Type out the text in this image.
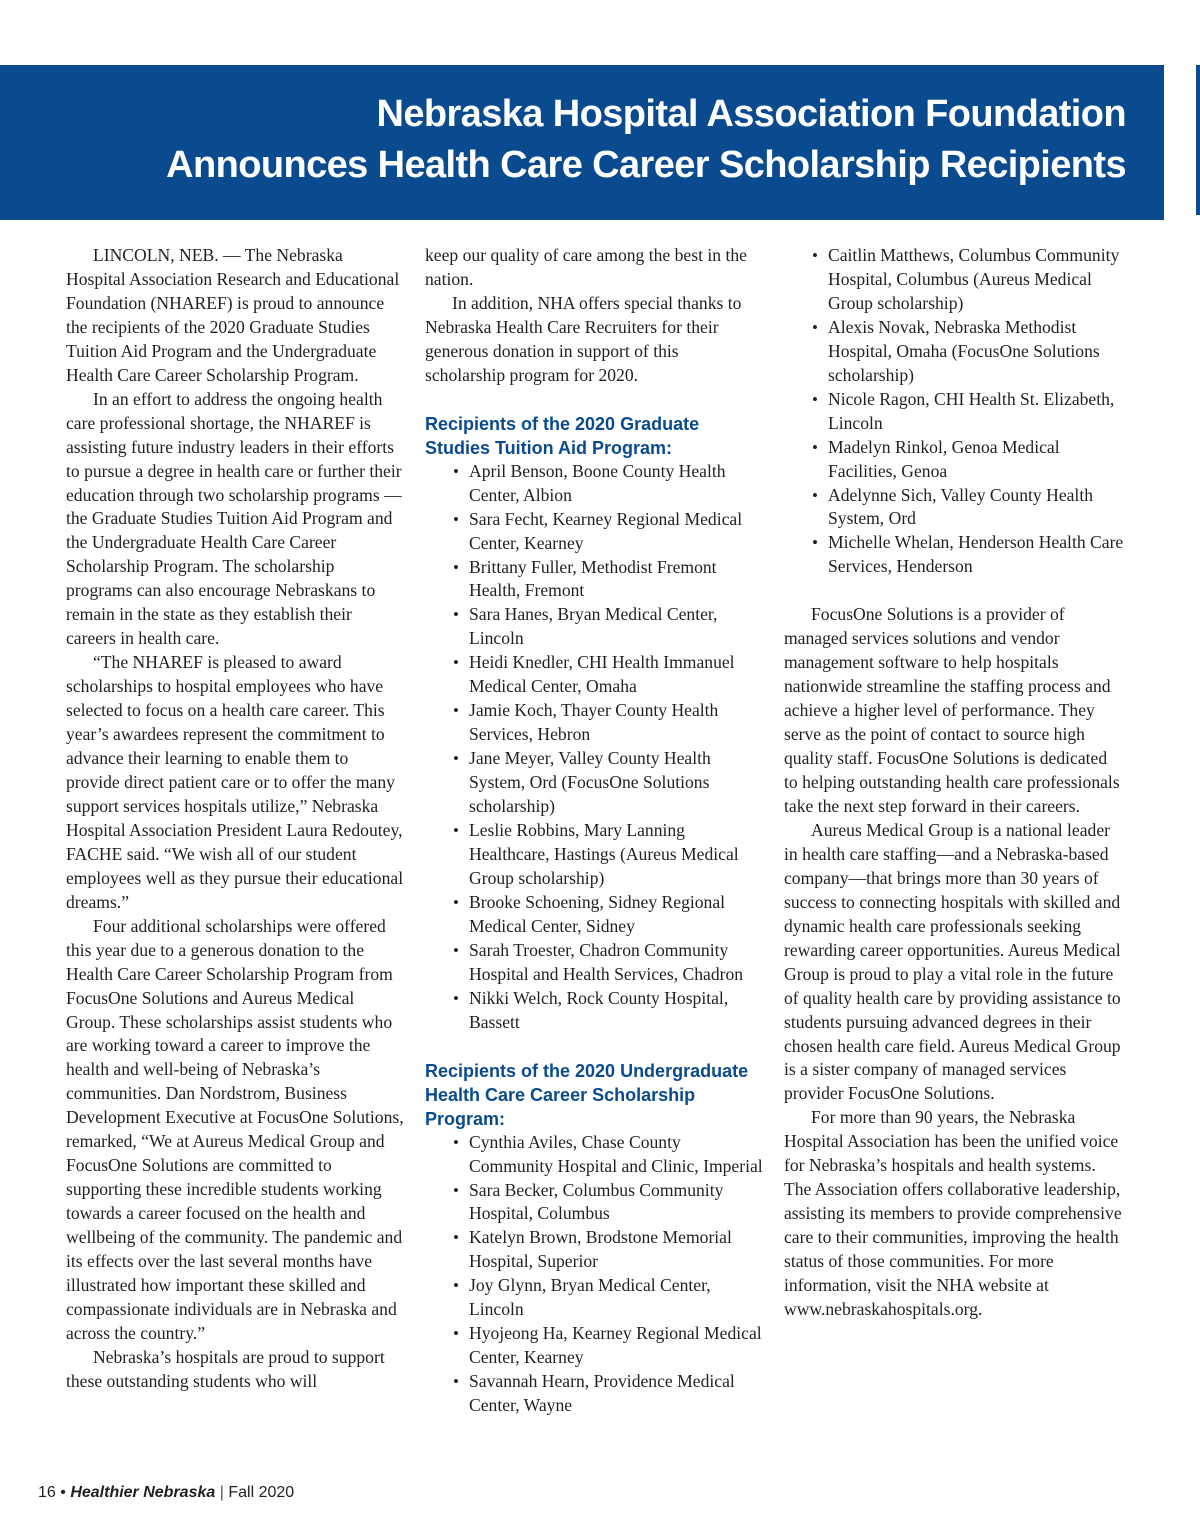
Nebraska Hospital Association Foundation
Announces Health Care Career Scholarship Recipients

LINCOLN, NEB. — The Nebraska Hospital Association Research and Educational Foundation (NHAREF) is proud to announce the recipients of the 2020 Graduate Studies Tuition Aid Program and the Undergraduate Health Care Career Scholarship Program.

In an effort to address the ongoing health care professional shortage, the NHAREF is assisting future industry leaders in their efforts to pursue a degree in health care or further their education through two scholarship programs — the Graduate Studies Tuition Aid Program and the Undergraduate Health Care Career Scholarship Program. The scholarship programs can also encourage Nebraskans to remain in the state as they establish their careers in health care.

“The NHAREF is pleased to award scholarships to hospital employees who have selected to focus on a health care career. This year’s awardees represent the commitment to advance their learning to enable them to provide direct patient care or to offer the many support services hospitals utilize,” Nebraska Hospital Association President Laura Redoutey, FACHE said. “We wish all of our student employees well as they pursue their educational dreams.”

Four additional scholarships were offered this year due to a generous donation to the Health Care Career Scholarship Program from FocusOne Solutions and Aureus Medical Group. These scholarships assist students who are working toward a career to improve the health and well-being of Nebraska’s communities. Dan Nordstrom, Business Development Executive at FocusOne Solutions, remarked, “We at Aureus Medical Group and FocusOne Solutions are committed to supporting these incredible students working towards a career focused on the health and wellbeing of the community. The pandemic and its effects over the last several months have illustrated how important these skilled and compassionate individuals are in Nebraska and across the country.”

Nebraska’s hospitals are proud to support these outstanding students who will

keep our quality of care among the best in the nation.

In addition, NHA offers special thanks to Nebraska Health Care Recruiters for their generous donation in support of this scholarship program for 2020.

Recipients of the 2020 Graduate Studies Tuition Aid Program:
• April Benson, Boone County Health Center, Albion
• Sara Fecht, Kearney Regional Medical Center, Kearney
• Brittany Fuller, Methodist Fremont Health, Fremont
• Sara Hanes, Bryan Medical Center, Lincoln
• Heidi Knedler, CHI Health Immanuel Medical Center, Omaha
• Jamie Koch, Thayer County Health Services, Hebron
• Jane Meyer, Valley County Health System, Ord (FocusOne Solutions scholarship)
• Leslie Robbins, Mary Lanning Healthcare, Hastings (Aureus Medical Group scholarship)
• Brooke Schoening, Sidney Regional Medical Center, Sidney
• Sarah Troester, Chadron Community Hospital and Health Services, Chadron
• Nikki Welch, Rock County Hospital, Bassett
Recipients of the 2020 Undergraduate Health Care Career Scholarship Program:
• Cynthia Aviles, Chase County Community Hospital and Clinic, Imperial
• Sara Becker, Columbus Community Hospital, Columbus
• Katelyn Brown, Brodstone Memorial Hospital, Superior
• Joy Glynn, Bryan Medical Center, Lincoln
• Hyojeong Ha, Kearney Regional Medical Center, Kearney
• Savannah Hearn, Providence Medical Center, Wayne
• Caitlin Matthews, Columbus Community Hospital, Columbus (Aureus Medical Group scholarship)
• Alexis Novak, Nebraska Methodist Hospital, Omaha (FocusOne Solutions scholarship)
• Nicole Ragon, CHI Health St. Elizabeth, Lincoln
• Madelyn Rinkol, Genoa Medical Facilities, Genoa
• Adelynne Sich, Valley County Health System, Ord
• Michelle Whelan, Henderson Health Care Services, Henderson

FocusOne Solutions is a provider of managed services solutions and vendor management software to help hospitals nationwide streamline the staffing process and achieve a higher level of performance. They serve as the point of contact to source high quality staff. FocusOne Solutions is dedicated to helping outstanding health care professionals take the next step forward in their careers.

Aureus Medical Group is a national leader in health care staffing—and a Nebraska-based company—that brings more than 30 years of success to connecting hospitals with skilled and dynamic health care professionals seeking rewarding career opportunities. Aureus Medical Group is proud to play a vital role in the future of quality health care by providing assistance to students pursuing advanced degrees in their chosen health care field. Aureus Medical Group is a sister company of managed services provider FocusOne Solutions.

For more than 90 years, the Nebraska Hospital Association has been the unified voice for Nebraska’s hospitals and health systems. The Association offers collaborative leadership, assisting its members to provide comprehensive care to their communities, improving the health status of those communities. For more information, visit the NHA website at www.nebraskahospitals.org.

16 • Healthier Nebraska | Fall 2020
